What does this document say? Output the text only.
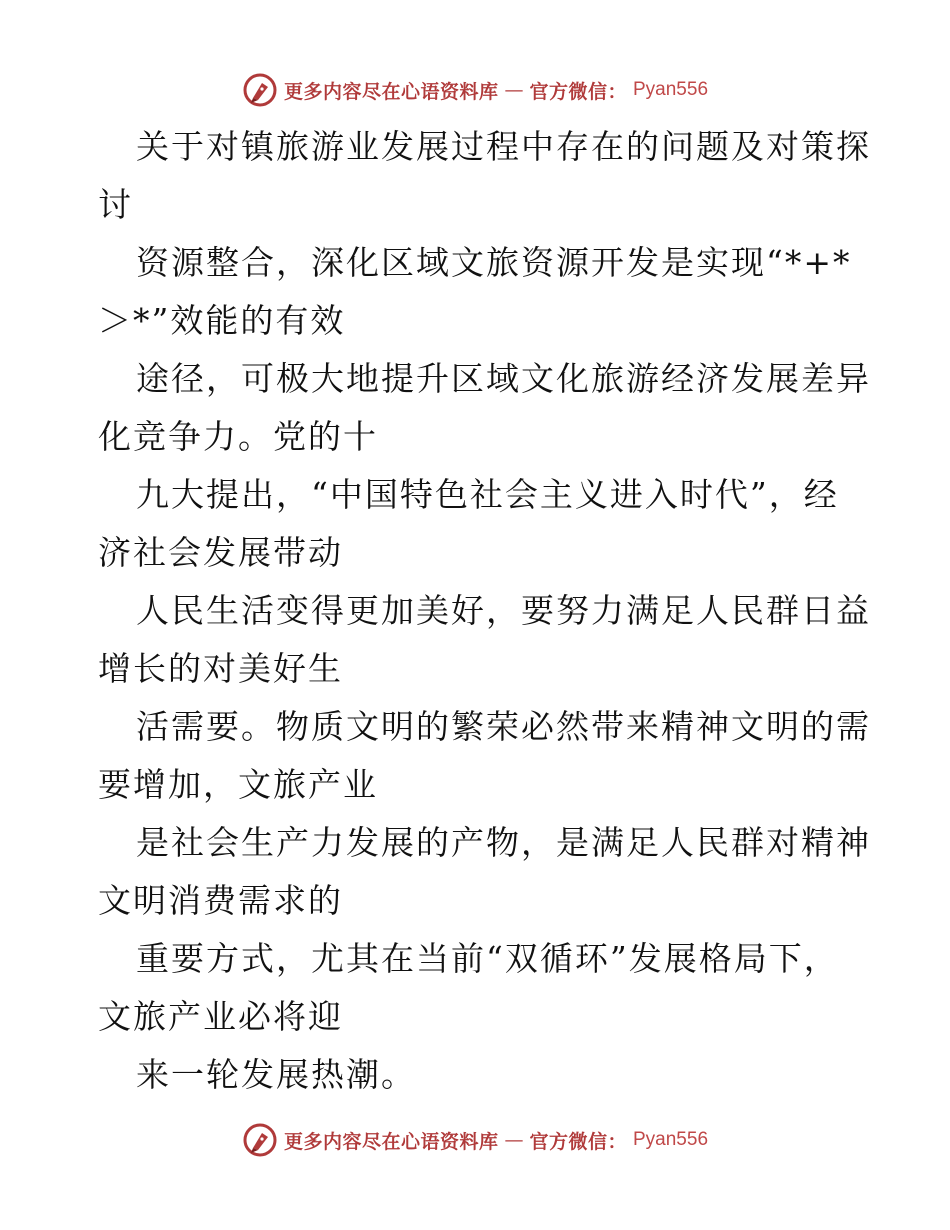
更多内容尽在心语资料库 — 官方微信： Pyan556

关于对镇旅游业发展过程中存在的问题及对策探
讨

资源整合，深化区域文旅资源开发是实现“*+*
＞*”效能的有效

途径，可极大地提升区域文化旅游经济发展差异
化竞争力。党的十

九大提出，“中国特色社会主义进入时代”，经
济社会发展带动

人民生活变得更加美好，要努力满足人民群日益
增长的对美好生

活需要。物质文明的繁荣必然带来精神文明的需
要增加，文旅产业

是社会生产力发展的产物，是满足人民群对精神
文明消费需求的

重要方式，尤其在当前“双循环”发展格局下，
文旅产业必将迎

来一轮发展热潮。

更多内容尽在心语资料库 — 官方微信： Pyan556
